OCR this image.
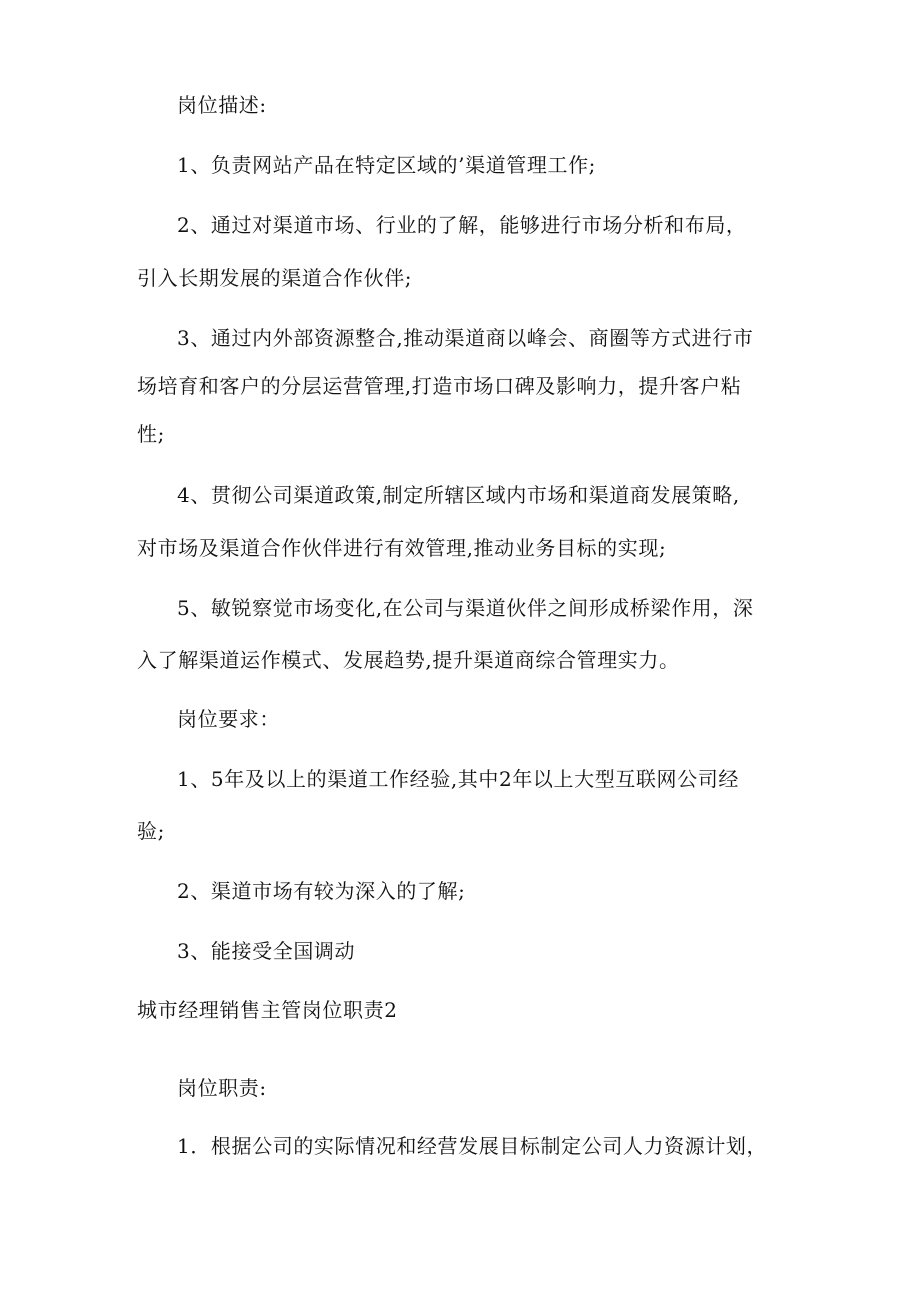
岗位描述:
1、负责网站产品在特定区域的’渠道管理工作;
2、通过对渠道市场、行业的了解，能够进行市场分析和布局，
引入长期发展的渠道合作伙伴;
3、通过内外部资源整合,推动渠道商以峰会、商圈等方式进行市
场培育和客户的分层运营管理,打造市场口碑及影响力，提升客户粘
性;
4、贯彻公司渠道政策,制定所辖区域内市场和渠道商发展策略,
对市场及渠道合作伙伴进行有效管理,推动业务目标的实现;
5、敏锐察觉市场变化,在公司与渠道伙伴之间形成桥梁作用，深
入了解渠道运作模式、发展趋势,提升渠道商综合管理实力。
岗位要求：
1、5年及以上的渠道工作经验,其中2年以上大型互联网公司经
验;
2、渠道市场有较为深入的了解;
3、能接受全国调动
城市经理销售主管岗位职责2
岗位职责:
1．根据公司的实际情况和经营发展目标制定公司人力资源计划，
